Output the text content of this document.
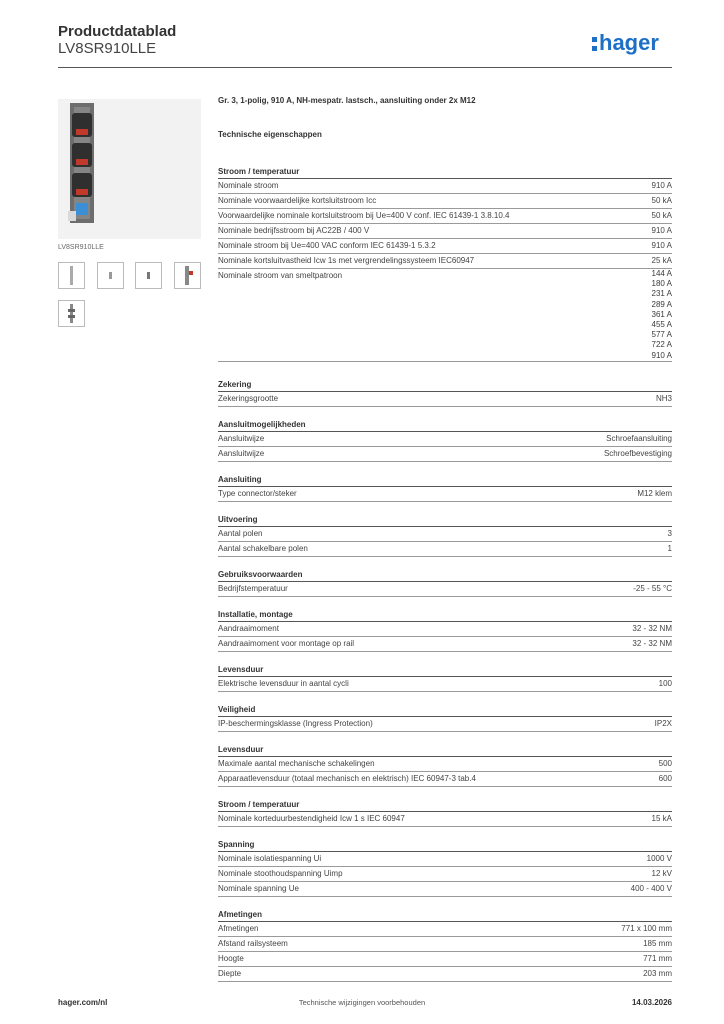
Productdatablad
LV8SR910LLE	hager
LV8SR910LLE
Gr. 3, 1-polig, 910 A, NH-mespatr. lastsch., aansluiting onder 2x M12
Technische eigenschappen
Stroom / temperatuur
Nominale stroom	910 A
Nominale voorwaardelijke kortsluitstroom Icc	50 kA
Voorwaardelijke nominale kortsluitstroom bij Ue=400 V conf. IEC 61439-1 3.8.10.4	50 kA
Nominale bedrijfsstroom bij AC22B / 400 V	910 A
Nominale stroom bij Ue=400 VAC conform IEC 61439-1 5.3.2	910 A
Nominale kortsluitvastheid Icw 1s met vergrendelingssysteem IEC60947	25 kA
Nominale stroom van smeltpatroon	144 A
180 A
231 A
289 A
361 A
455 A
577 A
722 A
910 A
Zekering
Zekeringsgrootte	NH3
Aansluitmogelijkheden
Aansluitwijze	Schroefaansluiting
Aansluitwijze	Schroefbevestiging
Aansluiting
Type connector/steker	M12 klem
Uitvoering
Aantal polen	3
Aantal schakelbare polen	1
Gebruiksvoorwaarden
Bedrijfstemperatuur	-25 - 55 °C
Installatie, montage
Aandraaimoment	32 - 32 NM
Aandraaimoment voor montage op rail	32 - 32 NM
Levensduur
Elektrische levensduur in aantal cycli	100
Veiligheid
IP-beschermingsklasse (Ingress Protection)	IP2X
Levensduur
Maximale aantal mechanische schakelingen	500
Apparaatlevensduur (totaal mechanisch en elektrisch) IEC 60947-3 tab.4	600
Stroom / temperatuur
Nominale korteduurbestendigheid Icw 1 s IEC 60947	15 kA
Spanning
Nominale isolatiespanning Ui	1000 V
Nominale stoothoudspanning Uimp	12 kV
Nominale spanning Ue	400 - 400 V
Afmetingen
Afmetingen	771 x 100 mm
Afstand railsysteem	185 mm
Hoogte	771 mm
Diepte	203 mm
hager.com/nl	Technische wijzigingen voorbehouden	14.03.2026
